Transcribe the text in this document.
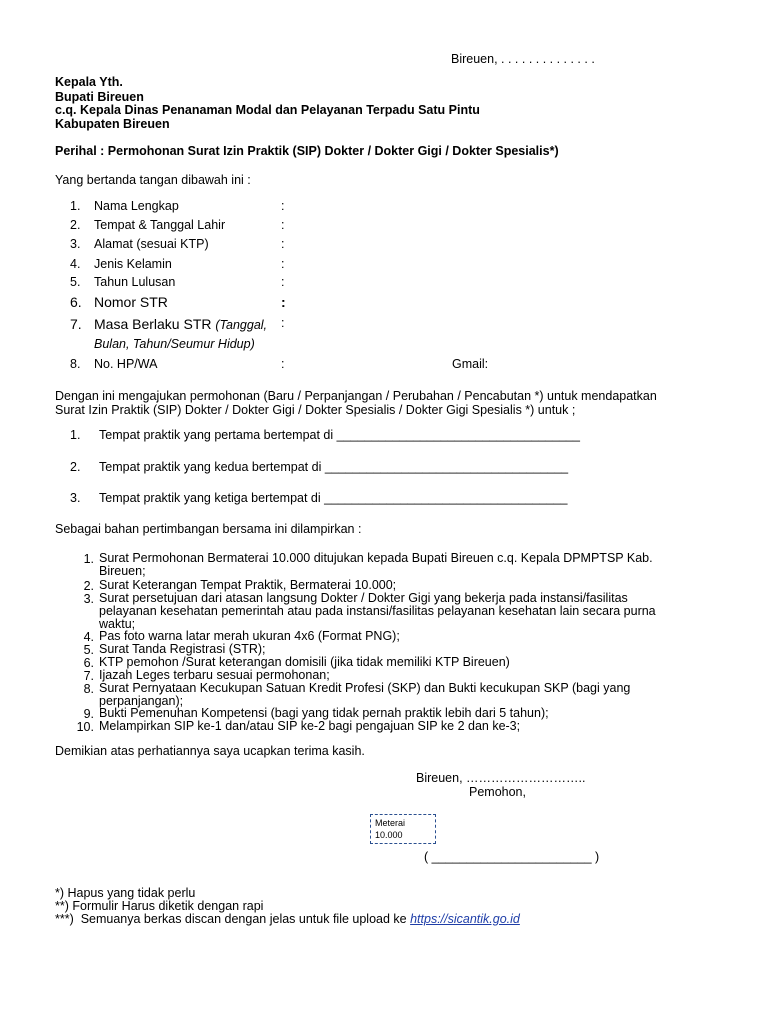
Bireuen, . . . . . . . . . . . . . .
Kepala Yth.
Bupati Bireuen
c.q. Kepala Dinas Penanaman Modal dan Pelayanan Terpadu Satu Pintu
Kabupaten Bireuen
Perihal : Permohonan Surat Izin Praktik (SIP) Dokter / Dokter Gigi / Dokter Spesialis*)
Yang bertanda tangan dibawah ini :
1. Nama Lengkap	:
2. Tempat & Tanggal Lahir	:
3. Alamat (sesuai KTP)	:
4. Jenis Kelamin	:
5. Tahun Lulusan	:
6. Nomor STR	:
7. Masa Berlaku STR (Tanggal, :
Bulan, Tahun/Seumur Hidup)
8. No. HP/WA	:	Gmail:
Dengan ini mengajukan permohonan (Baru / Perpanjangan / Perubahan / Pencabutan *) untuk mendapatkan
Surat Izin Praktik (SIP) Dokter / Dokter Gigi / Dokter Spesialis / Dokter Gigi Spesialis *) untuk ;
1. Tempat praktik yang pertama bertempat di ___________________________________
2. Tempat praktik yang kedua bertempat di ___________________________________
3. Tempat praktik yang ketiga bertempat di ___________________________________
Sebagai bahan pertimbangan bersama ini dilampirkan :
1. Surat Permohonan Bermaterai 10.000 ditujukan kepada Bupati Bireuen c.q. Kepala DPMPTSP Kab.
Bireuen;
2. Surat Keterangan Tempat Praktik, Bermaterai 10.000;
3. Surat persetujuan dari atasan langsung Dokter / Dokter Gigi yang bekerja pada instansi/fasilitas
pelayanan kesehatan pemerintah atau pada instansi/fasilitas pelayanan kesehatan lain secara purna
waktu;
4. Pas foto warna latar merah ukuran 4x6 (Format PNG);
5. Surat Tanda Registrasi (STR);
6. KTP pemohon /Surat keterangan domisili (jika tidak memiliki KTP Bireuen)
7. Ijazah Leges terbaru sesuai permohonan;
8. Surat Pernyataan Kecukupan Satuan Kredit Profesi (SKP) dan Bukti kecukupan SKP (bagi yang
perpanjangan);
9. Bukti Pemenuhan Kompetensi (bagi yang tidak pernah praktik lebih dari 5 tahun);
10. Melampirkan SIP ke-1 dan/atau SIP ke-2 bagi pengajuan SIP ke 2 dan ke-3;
Demikian atas perhatiannya saya ucapkan terima kasih.
Bireuen, ………………………..
Pemohon,
Meterai
10.000
( _______________________ )
*) Hapus yang tidak perlu
**) Formulir Harus diketik dengan rapi
***)  Semuanya berkas discan dengan jelas untuk file upload ke https://sicantik.go.id
